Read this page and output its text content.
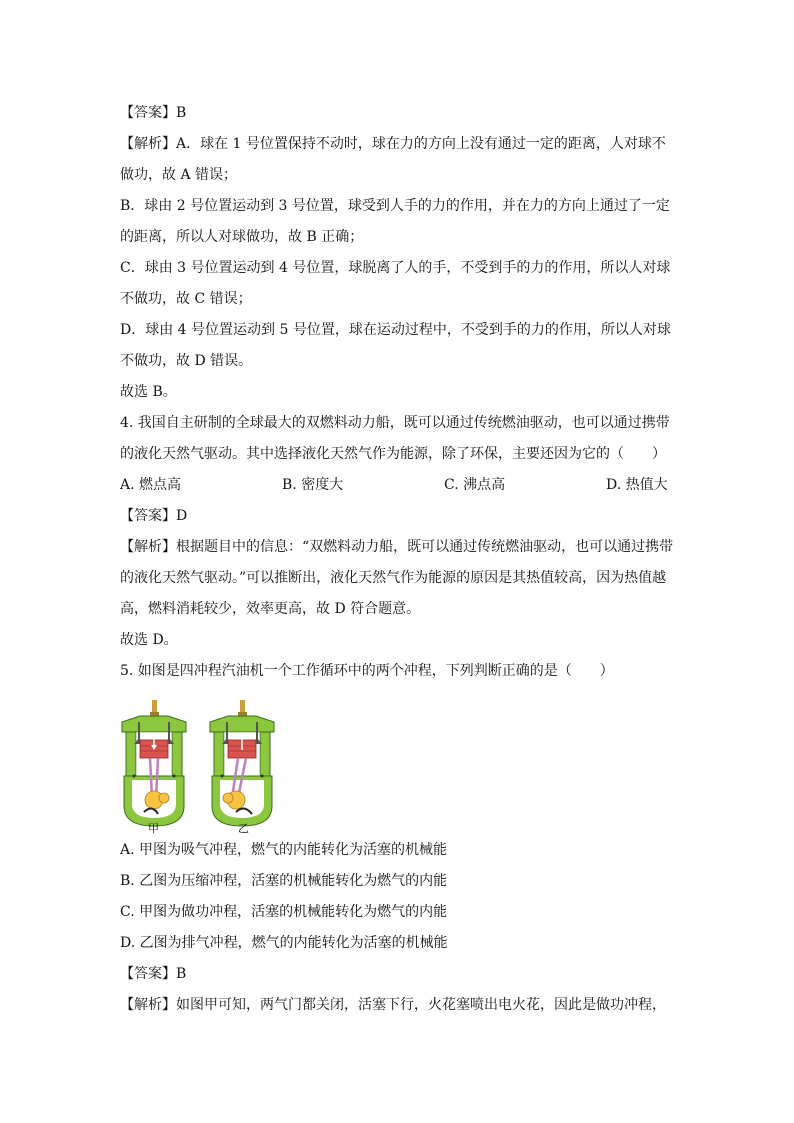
【答案】B
【解析】A．球在 1 号位置保持不动时，球在力的方向上没有通过一定的距离，人对球不
做功，故 A 错误；
B．球由 2 号位置运动到 3 号位置，球受到人手的力的作用，并在力的方向上通过了一定
的距离，所以人对球做功，故 B 正确；
C．球由 3 号位置运动到 4 号位置，球脱离了人的手，不受到手的力的作用，所以人对球
不做功，故 C 错误；
D．球由 4 号位置运动到 5 号位置，球在运动过程中，不受到手的力的作用，所以人对球
不做功，故 D 错误。
故选 B。
4. 我国自主研制的全球最大的双燃料动力船，既可以通过传统燃油驱动，也可以通过携带
的液化天然气驱动。其中选择液化天然气作为能源，除了环保，主要还因为它的（　　）
A. 燃点高	B. 密度大	C. 沸点高	D. 热值大
【答案】D
【解析】根据题目中的信息：“双燃料动力船，既可以通过传统燃油驱动，也可以通过携带
的液化天然气驱动。”可以推断出，液化天然气作为能源的原因是其热值较高，因为热值越
高，燃料消耗较少，效率更高，故 D 符合题意。
故选 D。
5. 如图是四冲程汽油机一个工作循环中的两个冲程，下列判断正确的是（　　）
甲	乙
A. 甲图为吸气冲程，燃气的内能转化为活塞的机械能
B. 乙图为压缩冲程，活塞的机械能转化为燃气的内能
C. 甲图为做功冲程，活塞的机械能转化为燃气的内能
D. 乙图为排气冲程，燃气的内能转化为活塞的机械能
【答案】B
【解析】如图甲可知，两气门都关闭，活塞下行，火花塞喷出电火花，因此是做功冲程，
